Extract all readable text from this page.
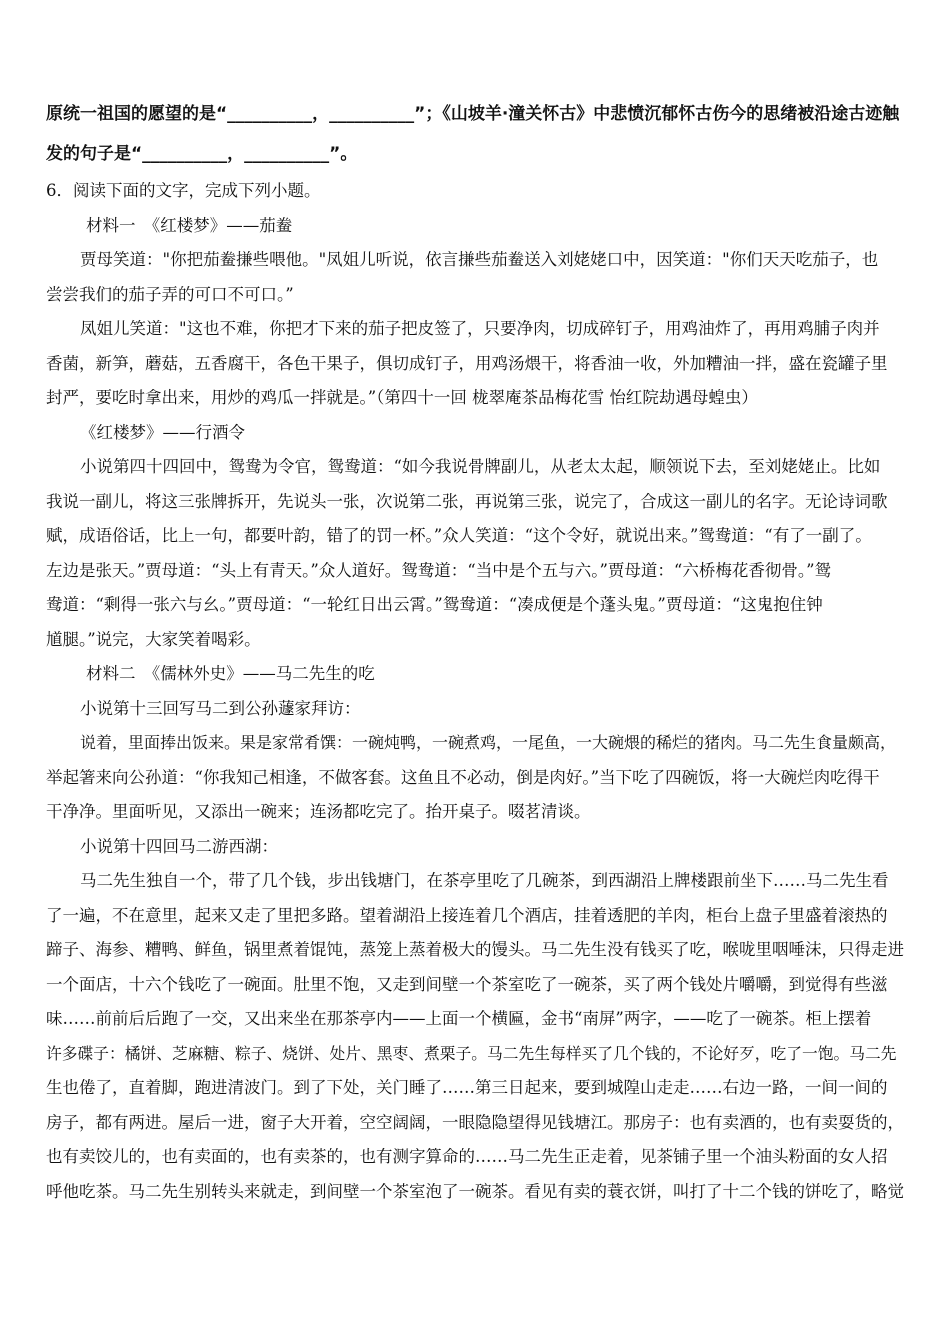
原统一祖国的愿望的是“__________，__________”；《山坡羊·潼关怀古》中悲愤沉郁怀古伤今的思绪被沿途古迹触
发的句子是“__________，__________”。
6．阅读下面的文字，完成下列小题。
材料一　《红楼梦》——茄鲞
贾母笑道："你把茄鲞搛些喂他。"凤姐儿听说，依言搛些茄鲞送入刘姥姥口中，因笑道："你们天天吃茄子，也
尝尝我们的茄子弄的可口不可口。”
凤姐儿笑道："这也不难，你把才下来的茄子把皮签了，只要净肉，切成碎钉子，用鸡油炸了，再用鸡脯子肉并
香菌，新笋，蘑菇，五香腐干，各色干果子，俱切成钉子，用鸡汤煨干，将香油一收，外加糟油一拌，盛在瓷罐子里
封严，要吃时拿出来，用炒的鸡瓜一拌就是。”（第四十一回 栊翠庵茶品梅花雪 怡红院劫遇母蝗虫）
《红楼梦》——行酒令
小说第四十四回中，鸳鸯为令官，鸳鸯道：“如今我说骨牌副儿，从老太太起，顺领说下去，至刘姥姥止。比如
我说一副儿，将这三张牌拆开，先说头一张，次说第二张，再说第三张，说完了，合成这一副儿的名字。无论诗词歌
赋，成语俗话，比上一句，都要叶韵，错了的罚一杯。”众人笑道：“这个令好，就说出来。”鸳鸯道：“有了一副了。
左边是张天。”贾母道：“头上有青天。”众人道好。鸳鸯道：“当中是个五与六。”贾母道：“六桥梅花香彻骨。”鸳
鸯道：“剩得一张六与幺。”贾母道：“一轮红日出云霄。”鸳鸯道：“凑成便是个蓬头鬼。”贾母道：“这鬼抱住钟
馗腿。”说完，大家笑着喝彩。
材料二　《儒林外史》——马二先生的吃
小说第十三回写马二到公孙蘧家拜访：
说着，里面捧出饭来。果是家常肴馔：一碗炖鸭，一碗煮鸡，一尾鱼，一大碗煨的稀烂的猪肉。马二先生食量颇高，
举起箸来向公孙道：“你我知己相逢，不做客套。这鱼且不必动，倒是肉好。”当下吃了四碗饭，将一大碗烂肉吃得干
干净净。里面听见，又添出一碗来；连汤都吃完了。抬开桌子。啜茗清谈。
小说第十四回马二游西湖：
马二先生独自一个，带了几个钱，步出钱塘门，在茶亭里吃了几碗茶，到西湖沿上牌楼跟前坐下……马二先生看
了一遍，不在意里，起来又走了里把多路。望着湖沿上接连着几个酒店，挂着透肥的羊肉，柜台上盘子里盛着滚热的
蹄子、海参、糟鸭、鲜鱼，锅里煮着馄饨，蒸笼上蒸着极大的馒头。马二先生没有钱买了吃，喉咙里咽唾沫，只得走进
一个面店，十六个钱吃了一碗面。肚里不饱，又走到间壁一个茶室吃了一碗茶，买了两个钱处片嚼嚼，到觉得有些滋
味……前前后后跑了一交，又出来坐在那茶亭内——上面一个横匾，金书“南屏”两字，——吃了一碗茶。柜上摆着
许多碟子：橘饼、芝麻糖、粽子、烧饼、处片、黑枣、煮栗子。马二先生每样买了几个钱的，不论好歹，吃了一饱。马二先
生也倦了，直着脚，跑进清波门。到了下处，关门睡了……第三日起来，要到城隍山走走……右边一路，一间一间的
房子，都有两进。屋后一进，窗子大开着，空空阔阔，一眼隐隐望得见钱塘江。那房子：也有卖酒的，也有卖耍货的，
也有卖饺儿的，也有卖面的，也有卖茶的，也有测字算命的……马二先生正走着，见茶铺子里一个油头粉面的女人招
呼他吃茶。马二先生别转头来就走，到间壁一个茶室泡了一碗茶。看见有卖的蓑衣饼，叫打了十二个钱的饼吃了，略觉
